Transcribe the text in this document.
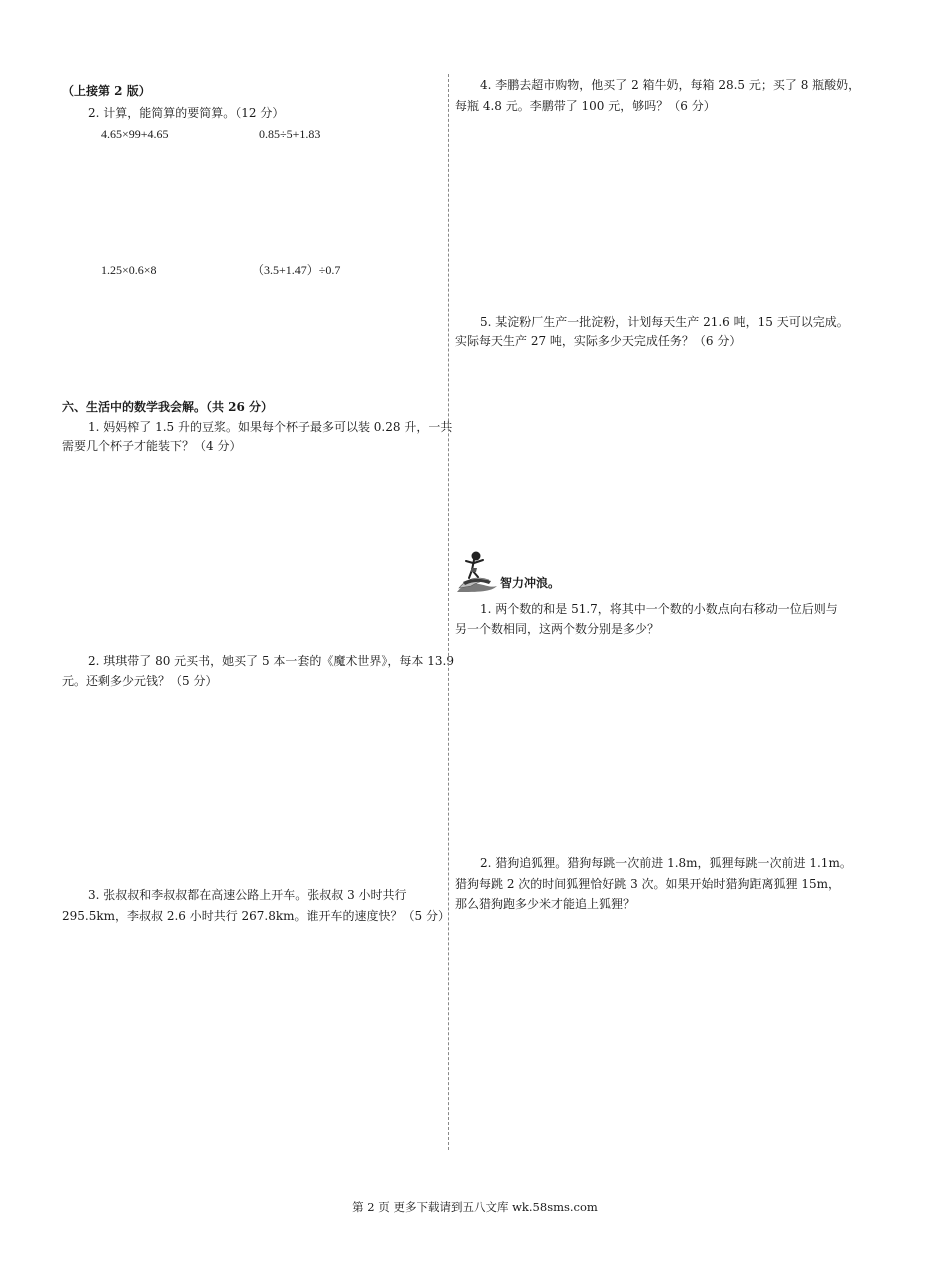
（上接第 2 版）
2. 计算，能简算的要简算。（12 分）
4.65×99+4.65	0.85÷5+1.83
1.25×0.6×8	（3.5+1.47）÷0.7
六、生活中的数学我会解。（共 26 分）
1. 妈妈榨了 1.5 升的豆浆。如果每个杯子最多可以装 0.28 升，一共
需要几个杯子才能装下？（4 分）
2. 琪琪带了 80 元买书，她买了 5 本一套的《魔术世界》，每本 13.9
元。还剩多少元钱？（5 分）
3. 张叔叔和李叔叔都在高速公路上开车。张叔叔 3 小时共行
295.5km，李叔叔 2.6 小时共行 267.8km。谁开车的速度快？（5 分）
4. 李鹏去超市购物，他买了 2 箱牛奶，每箱 28.5 元；买了 8 瓶酸奶，
每瓶 4.8 元。李鹏带了 100 元，够吗？（6 分）
5. 某淀粉厂生产一批淀粉，计划每天生产 21.6 吨，15 天可以完成。
实际每天生产 27 吨，实际多少天完成任务？（6 分）
智力冲浪。
1. 两个数的和是 51.7，将其中一个数的小数点向右移动一位后则与
另一个数相同，这两个数分别是多少？
2. 猎狗追狐狸。猎狗每跳一次前进 1.8m，狐狸每跳一次前进 1.1m。
猎狗每跳 2 次的时间狐狸恰好跳 3 次。如果开始时猎狗距离狐狸 15m，
那么猎狗跑多少米才能追上狐狸？
第 2 页 更多下载请到五八文库 wk.58sms.com
